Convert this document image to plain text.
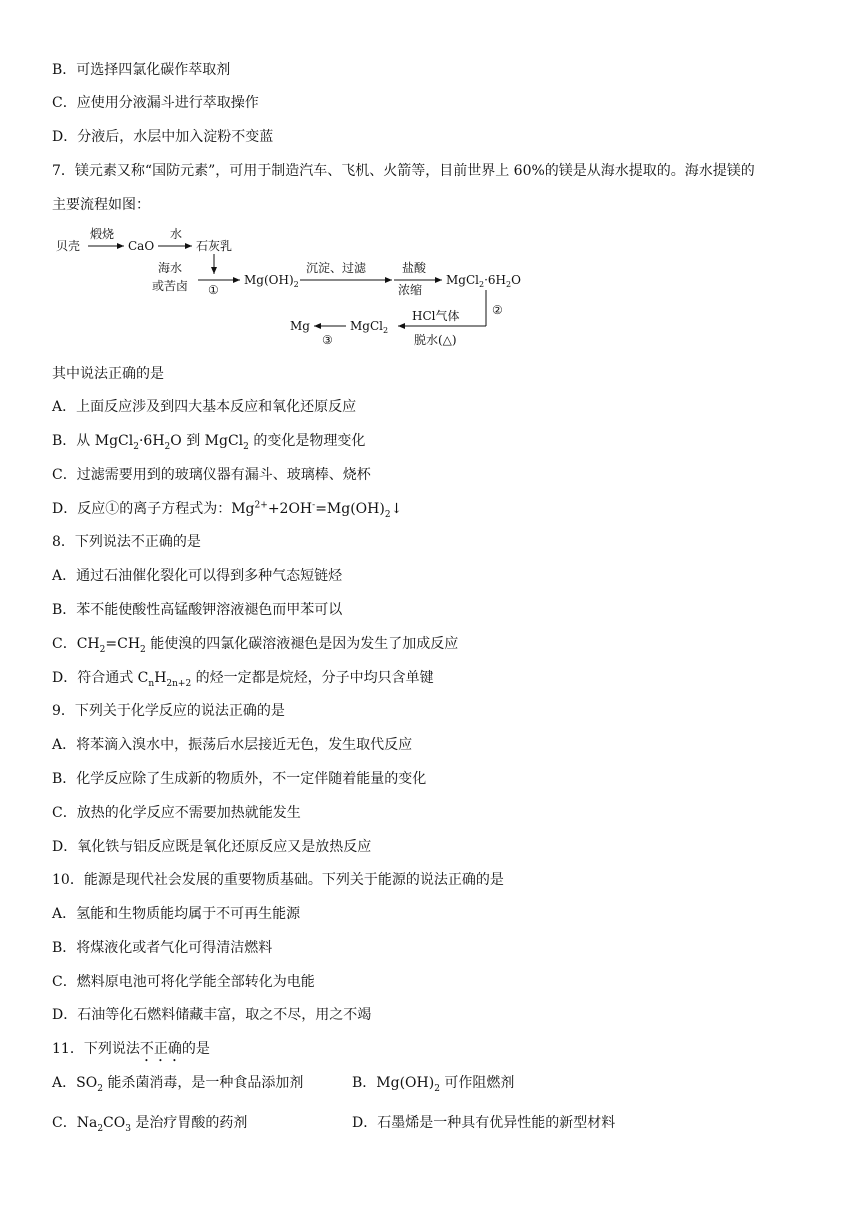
B．可选择四氯化碳作萃取剂
C．应使用分液漏斗进行萃取操作
D．分液后，水层中加入淀粉不变蓝
7．镁元素又称“国防元素”，可用于制造汽车、飞机、火箭等，目前世界上 60%的镁是从海水提取的。海水提镁的
主要流程如图：
贝壳
煅烧
CaO
水
石灰乳
海水
或苦卤 ①
$Mg(OH)_2$
沉淀、过滤	盐酸
浓缩
$MgCl_2\cdot 6H_2O$
②
HCl气体
脱水(△)
MgCl$_2$
③
Mg
其中说法正确的是
A．上面反应涉及到四大基本反应和氧化还原反应
B．从 $MgCl_2\cdot 6H_2O$ 到 MgCl$_2$ 的变化是物理变化
C．过滤需要用到的玻璃仪器有漏斗、玻璃棒、烧杯
D．反应①的离子方程式为：$Mg^{2+}+2OH^-=Mg(OH)_2↓$
8．下列说法不正确的是
A．通过石油催化裂化可以得到多种气态短链烃
B．苯不能使酸性高锰酸钾溶液褪色而甲苯可以
C．$CH_2=CH_2$ 能使溴的四氯化碳溶液褪色是因为发生了加成反应
D．符合通式 $C_nH_{2n+2}$ 的烃一定都是烷烃，分子中均只含单键
9．下列关于化学反应的说法正确的是
A．将苯滴入溴水中，振荡后水层接近无色，发生取代反应
B．化学反应除了生成新的物质外，不一定伴随着能量的变化
C．放热的化学反应不需要加热就能发生
D．氧化铁与铝反应既是氧化还原反应又是放热反应
10．能源是现代社会发展的重要物质基础。下列关于能源的说法正确的是
A．氢能和生物质能均属于不可再生能源
B．将煤液化或者气化可得清洁燃料
C．燃料原电池可将化学能全部转化为电能
D．石油等化石燃料储藏丰富，取之不尽，用之不竭
11．下列说法不正确的是
A．$SO_2$ 能杀菌消毒，是一种食品添加剂	B．$Mg(OH)_2$ 可作阻燃剂
C．$Na_2CO_3$ 是治疗胃酸的药剂	D．石墨烯是一种具有优异性能的新型材料
